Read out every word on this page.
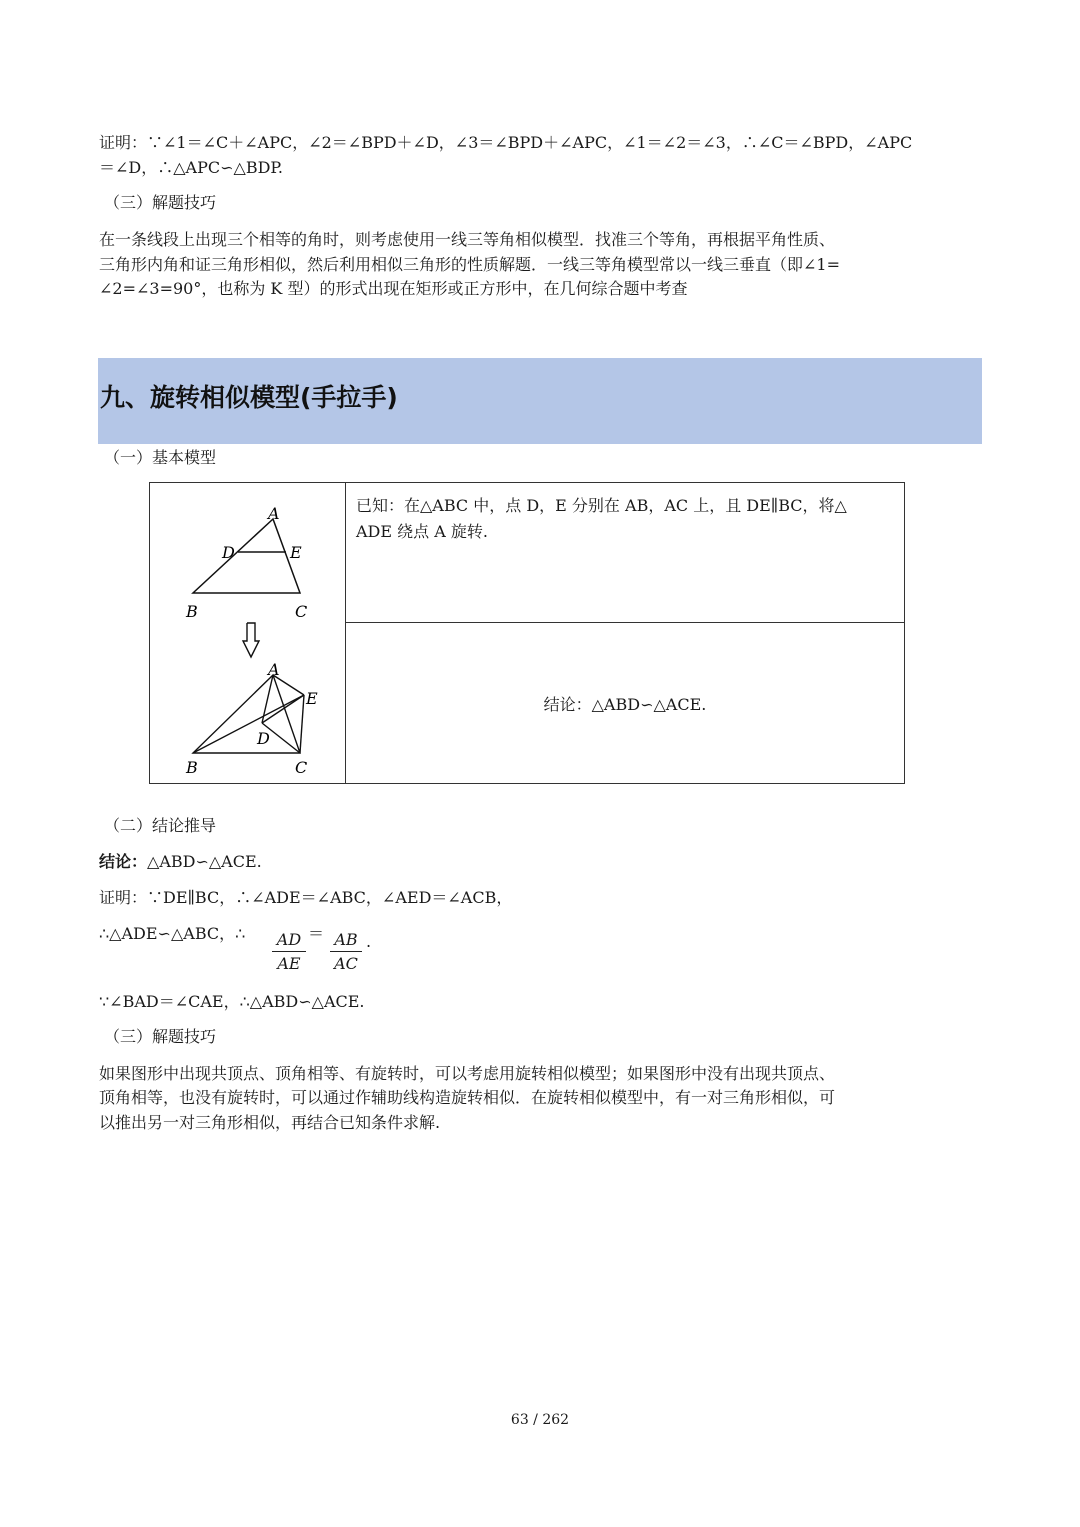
证明：∵∠1＝∠C＋∠APC，∠2＝∠BPD＋∠D，∠3＝∠BPD＋∠APC，∠1＝∠2＝∠3，∴∠C＝∠BPD，∠APC

＝∠D，∴△APC∽△BDP.

（三）解题技巧

在一条线段上出现三个相等的角时，则考虑使用一线三等角相似模型．找准三个等角，再根据平角性质、

三角形内角和证三角形相似，然后利用相似三角形的性质解题．一线三等角模型常以一线三垂直（即∠1=

∠2=∠3=90°，也称为 K 型）的形式出现在矩形或正方形中，在几何综合题中考查

九、旋转相似模型(手拉手)

（一）基本模型

A
D	E
B	C
A
E
D
B	C

已知：在△ABC 中，点 D，E 分别在 AB，AC 上，且 DE∥BC，将△
ADE 绕点 A 旋转.

结论：△ABD∽△ACE.

（二）结论推导

结论：△ABD∽△ACE.

证明：∵DE∥BC，∴∠ADE＝∠ABC，∠AED＝∠ACB，

∴△ADE∽△ABC，∴ $\frac{AD}{AE} = \frac{AB}{AC}$ .

∵∠BAD＝∠CAE，∴△ABD∽△ACE.

（三）解题技巧

如果图形中出现共顶点、顶角相等、有旋转时，可以考虑用旋转相似模型；如果图形中没有出现共顶点、

顶角相等，也没有旋转时，可以通过作辅助线构造旋转相似．在旋转相似模型中，有一对三角形相似，可

以推出另一对三角形相似，再结合已知条件求解.

63 / 262
